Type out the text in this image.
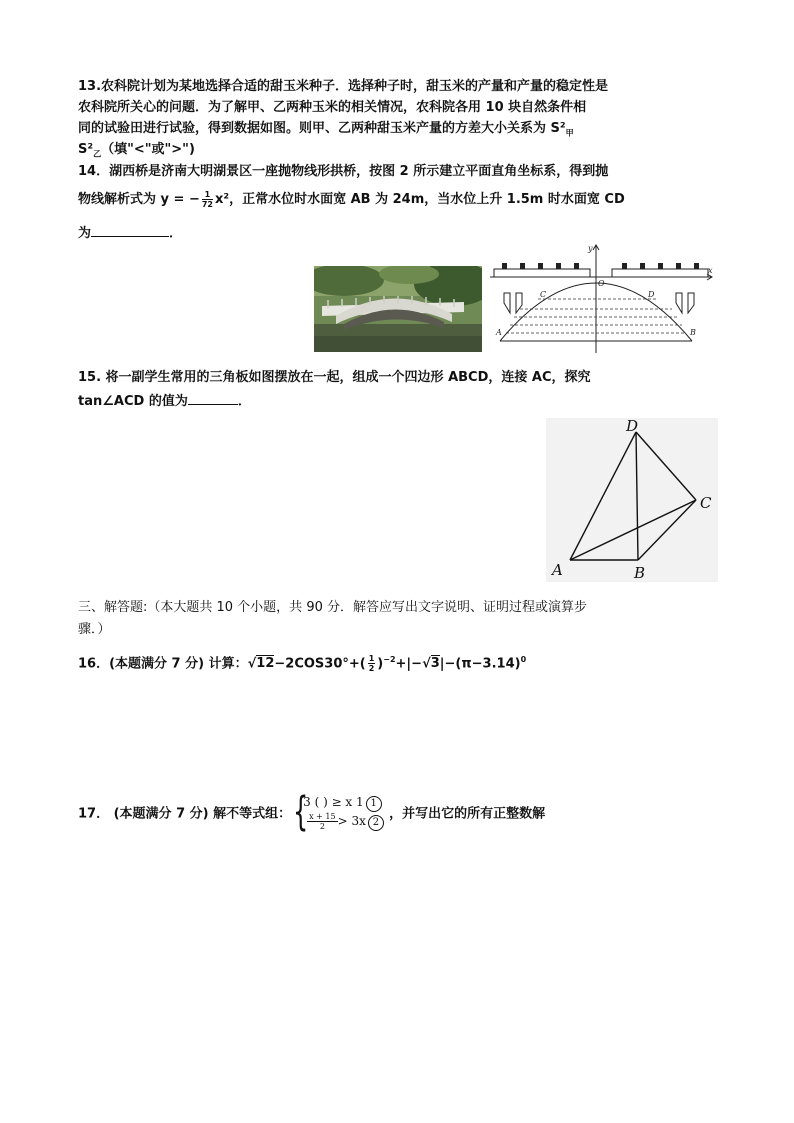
13.农科院计划为某地选择合适的甜玉米种子．选择种子时，甜玉米的产量和产量的稳定性是
农科院所关心的问题．为了解甲、乙两种玉米的相关情况，农科院各用 10 块自然条件相
同的试验田进行试验，得到数据如图。则甲、乙两种甜玉米产量的方差大小关系为 $S^2_甲$
$S^2_乙$（填"<"或">")
14．湖西桥是济南大明湖景区一座抛物线形拱桥，按图 2 所示建立平面直角坐标系，得到抛
物线解析式为 y = − $\frac{1}{72} x^2$，正常水位时水面宽 AB 为 24m，当水位上升 1.5m 时水面宽 CD
为	．
y
x
O
C	D
A	B
15. 将一副学生常用的三角板如图摆放在一起，组成一个四边形 ABCD，连接 AC，探究
tan∠ACD 的值为	．
D
C
A	B
三、解答题:（本大题共 10 个小题，共 90 分．解答应写出文字说明、证明过程或演算步
骤．）
16．(本题满分 7 分) 计算：$√12-2COS30^\circ+( \frac{1}{2} )^{-2}+|-√3|-(\pi-3.14)^0$
17． (本题满分 7 分) 解不等式组： {
3 ( ) ≥ x 1 1
$\frac{x + 15}{2} > 3x$ 2
，并写出它的所有正整数解
